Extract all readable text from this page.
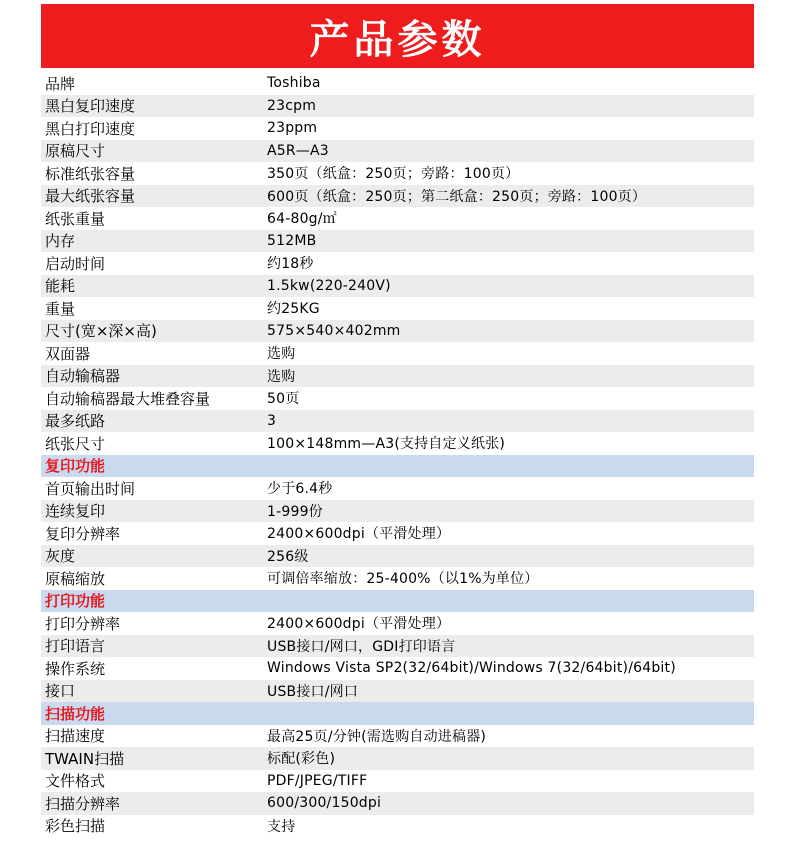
产品参数
品牌	Toshiba
黑白复印速度	23cpm
黑白打印速度	23ppm
原稿尺寸	A5R—A3
标准纸张容量	350页（纸盒：250页；旁路：100页）
最大纸张容量	600页（纸盒：250页；第二纸盒：250页；旁路：100页）
纸张重量	64-80g/㎡
内存	512MB
启动时间	约18秒
能耗	1.5kw(220-240V)
重量	约25KG
尺寸(宽×深×高)	575×540×402mm
双面器	选购
自动输稿器	选购
自动输稿器最大堆叠容量	50页
最多纸路	3
纸张尺寸	100×148mm—A3(支持自定义纸张)
复印功能
首页输出时间	少于6.4秒
连续复印	1-999份
复印分辨率	2400×600dpi（平滑处理）
灰度	256级
原稿缩放	可调倍率缩放：25-400%（以1%为单位）
打印功能
打印分辨率	2400×600dpi（平滑处理）
打印语言	USB接口/网口，GDI打印语言
操作系统	Windows Vista SP2(32/64bit)/Windows 7(32/64bit)/64bit)
接口	USB接口/网口
扫描功能
扫描速度	最高25页/分钟(需选购自动进稿器)
TWAIN扫描	标配(彩色)
文件格式	PDF/JPEG/TIFF
扫描分辨率	600/300/150dpi
彩色扫描	支持
